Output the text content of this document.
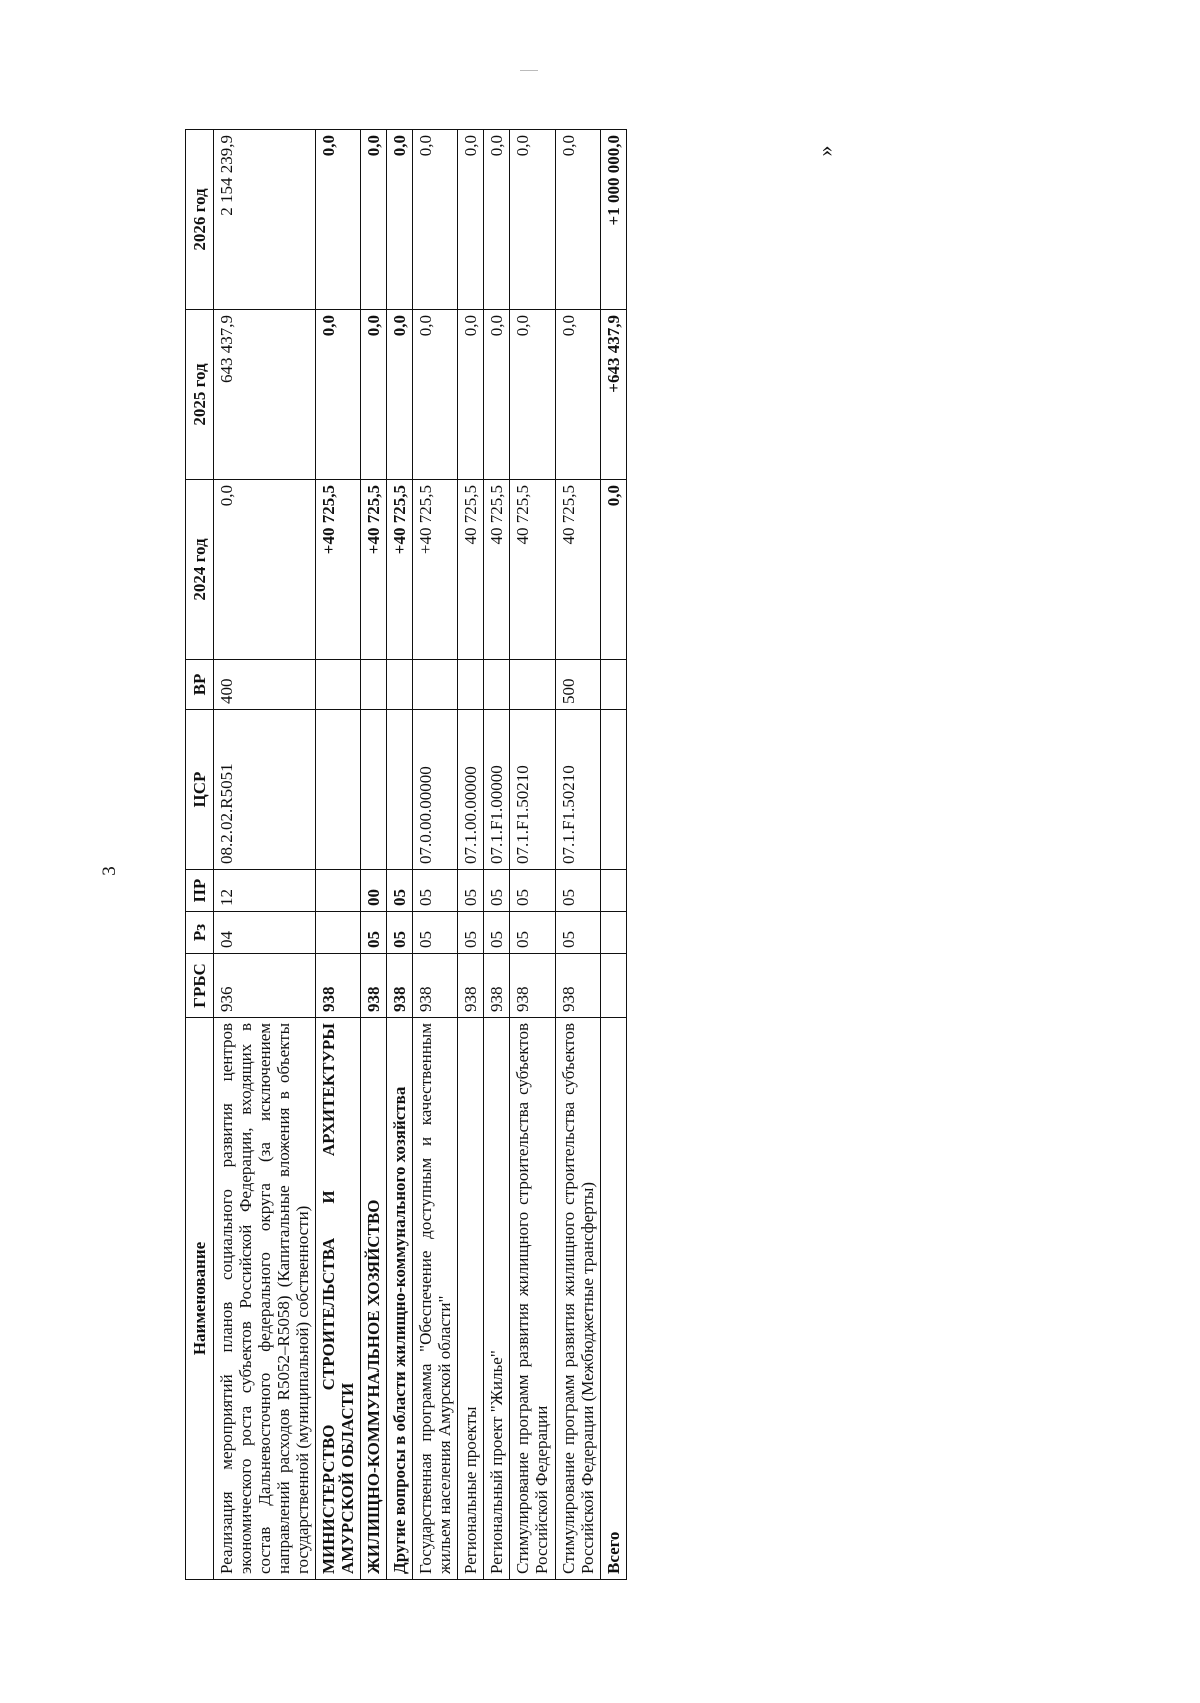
3
Наименование	ГРБС	Рз	ПР	ЦСР	ВР	2024 год	2025 год	2026 год
Реализация мероприятий планов социального развития центров экономического роста субъектов Российской Федерации, входящих в состав Дальневосточного федерального округа (за исключением направлений расходов R5052–R5058) (Капитальные вложения в объекты государственной (муниципальной) собственности)	936	04	12	08.2.02.R5051	400	0,0	643 437,9	2 154 239,9
МИНИСТЕРСТВО СТРОИТЕЛЬСТВА И АРХИТЕКТУРЫ АМУРСКОЙ ОБЛАСТИ	938					+40 725,5	0,0	0,0
ЖИЛИЩНО-КОММУНАЛЬНОЕ ХОЗЯЙСТВО	938	05	00			+40 725,5	0,0	0,0
Другие вопросы в области жилищно-коммунального хозяйства	938	05	05			+40 725,5	0,0	0,0
Государственная программа "Обеспечение доступным и качественным жильем населения Амурской области"	938	05	05	07.0.00.00000		+40 725,5	0,0	0,0
Региональные проекты	938	05	05	07.1.00.00000		40 725,5	0,0	0,0
Региональный проект "Жилье"	938	05	05	07.1.F1.00000		40 725,5	0,0	0,0
Стимулирование программ развития жилищного строительства субъектов Российской Федерации	938	05	05	07.1.F1.50210		40 725,5	0,0	0,0
Стимулирование программ развития жилищного строительства субъектов Российской Федерации (Межбюджетные трансферты)	938	05	05	07.1.F1.50210	500	40 725,5	0,0	0,0
Всего						0,0	+643 437,9	+1 000 000,0	»
